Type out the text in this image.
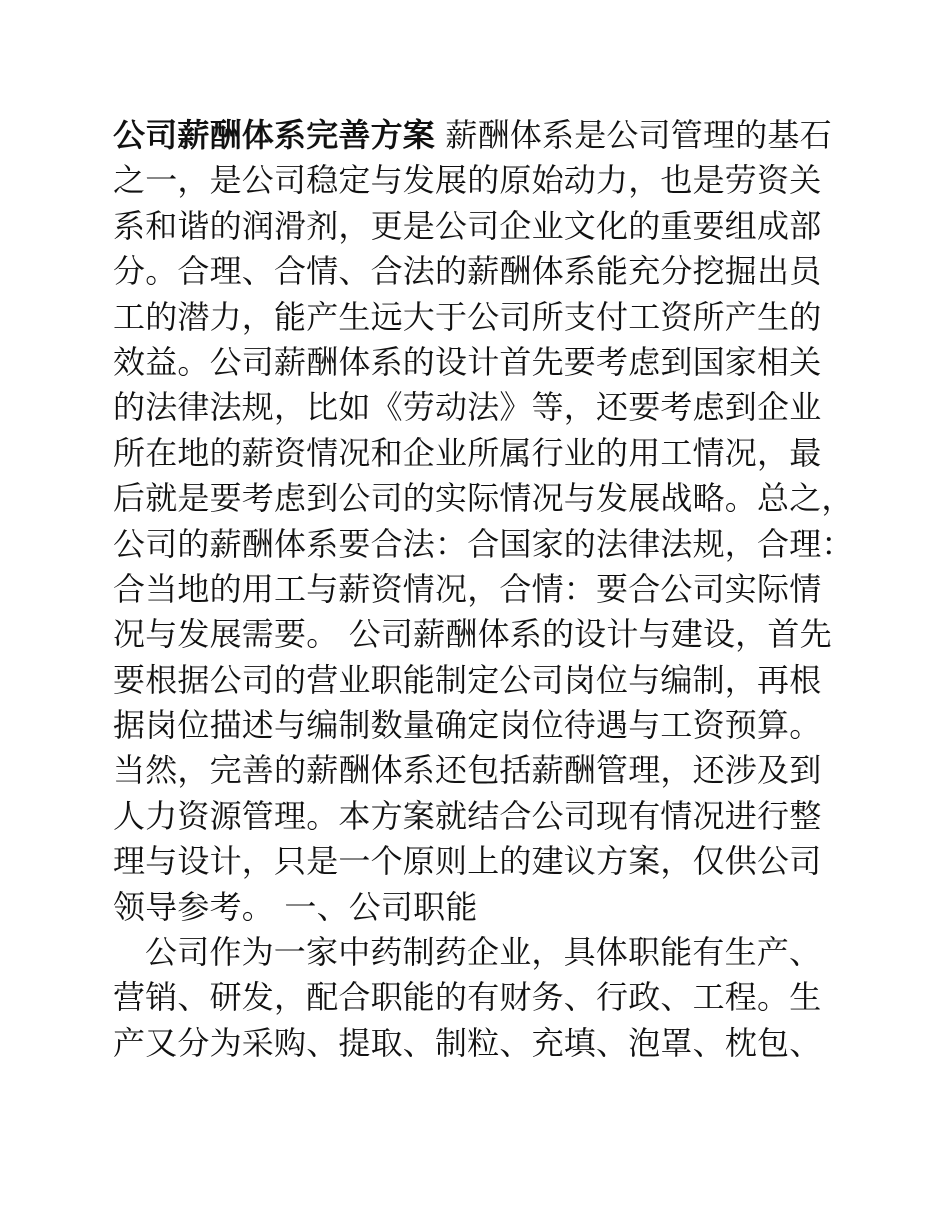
公司薪酬体系完善方案 薪酬体系是公司管理的基石
之一，是公司稳定与发展的原始动力，也是劳资关
系和谐的润滑剂，更是公司企业文化的重要组成部
分。合理、合情、合法的薪酬体系能充分挖掘出员
工的潜力，能产生远大于公司所支付工资所产生的
效益。公司薪酬体系的设计首先要考虑到国家相关
的法律法规，比如《劳动法》等，还要考虑到企业
所在地的薪资情况和企业所属行业的用工情况，最
后就是要考虑到公司的实际情况与发展战略。总之，
公司的薪酬体系要合法：合国家的法律法规，合理：
合当地的用工与薪资情况，合情：要合公司实际情
况与发展需要。 公司薪酬体系的设计与建设，首先
要根据公司的营业职能制定公司岗位与编制，再根
据岗位描述与编制数量确定岗位待遇与工资预算。
当然，完善的薪酬体系还包括薪酬管理，还涉及到
人力资源管理。本方案就结合公司现有情况进行整
理与设计，只是一个原则上的建议方案，仅供公司
领导参考。 一、公司职能
公司作为一家中药制药企业，具体职能有生产、
营销、研发，配合职能的有财务、行政、工程。生
产又分为采购、提取、制粒、充填、泡罩、枕包、
